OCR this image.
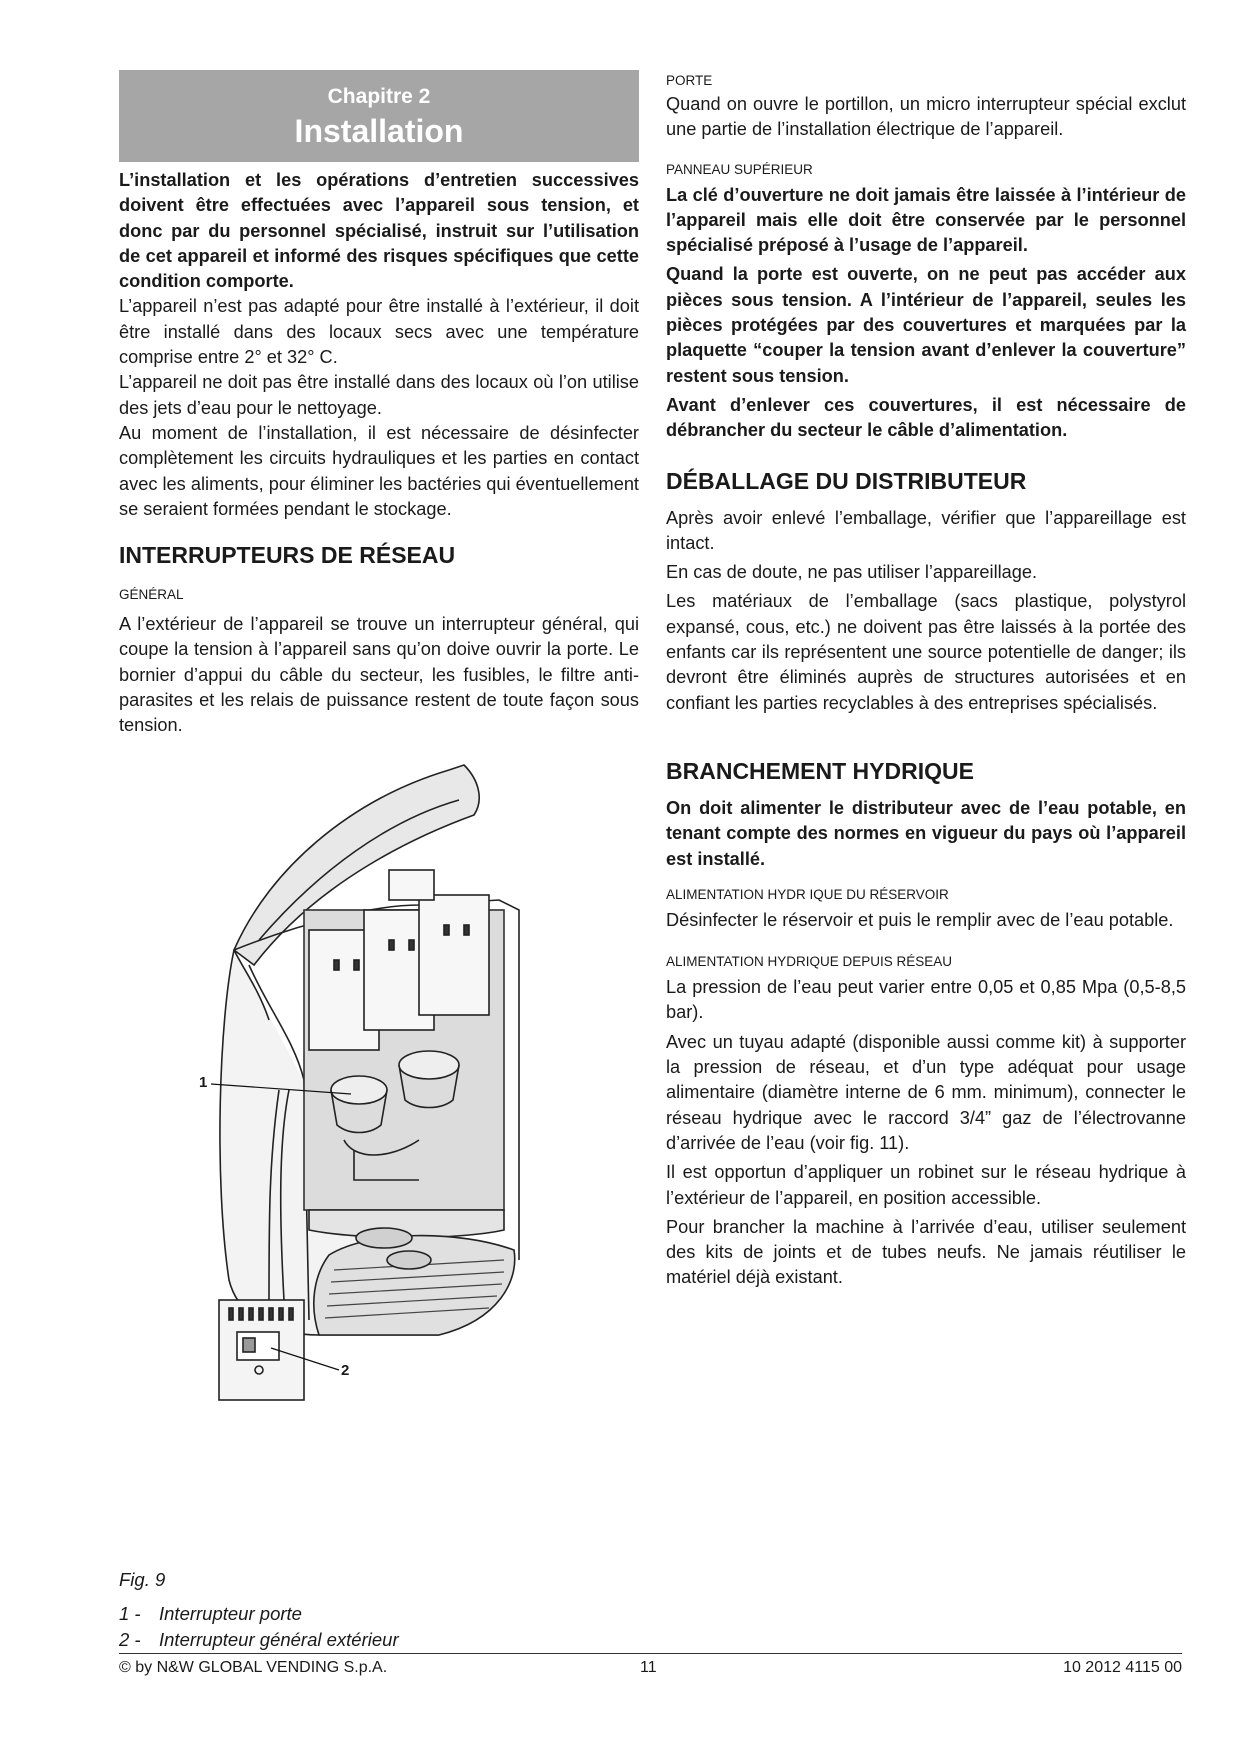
Chapitre 2
Installation

L’installation et les opérations d’entretien successives doivent être effectuées avec l’appareil sous tension, et donc par du personnel spécialisé, instruit sur l’utilisation de cet appareil et informé des risques spécifiques que cette condition comporte.

L’appareil n’est pas adapté pour être installé à l’extérieur, il doit être installé dans des locaux secs avec une température comprise entre 2° et 32° C.

L’appareil ne doit pas être installé dans des locaux où l’on utilise des jets d’eau pour le nettoyage.

Au moment de l’installation, il est nécessaire de désinfecter complètement les circuits hydrauliques et les parties en contact avec les aliments, pour éliminer les bactéries qui éventuellement se seraient formées pendant le stockage.

INTERRUPTEURS DE RÉSEAU
GÉNÉRAL

A l’extérieur de l’appareil se trouve un interrupteur général, qui coupe la tension à l’appareil sans qu’on doive ouvrir la porte. Le bornier d’appui du câble du secteur, les fusibles, le filtre anti-parasites et les relais de puissance restent de toute façon sous tension.

1
2
Fig. 9
1 - Interrupteur porte
2 - Interrupteur général extérieur
PORTE

Quand on ouvre le portillon, un micro interrupteur spécial exclut une partie de l’installation électrique de l’appareil.

PANNEAU SUPÉRIEUR

La clé d’ouverture ne doit jamais être laissée à l’intérieur de l’appareil mais elle doit être conservée par le personnel spécialisé préposé à l’usage de l’appareil.

Quand la porte est ouverte, on ne peut pas accéder aux pièces sous tension. A l’intérieur de l’appareil, seules les pièces protégées par des couvertures et marquées par la plaquette “couper la tension avant d’enlever la couverture” restent sous tension.

Avant d’enlever ces couvertures, il est nécessaire de débrancher du secteur le câble d’alimentation.

DÉBALLAGE DU DISTRIBUTEUR

Après avoir enlevé l’emballage, vérifier que l’appareillage est intact.

En cas de doute, ne pas utiliser l’appareillage.

Les matériaux de l’emballage (sacs plastique, polystyrol expansé, cous, etc.) ne doivent pas être laissés à la portée des enfants car ils représentent une source potentielle de danger; ils devront être éliminés auprès de structures autorisées et en confiant les parties recyclables à des entreprises spécialisés.

BRANCHEMENT HYDRIQUE

On doit alimenter le distributeur avec de l’eau potable, en tenant compte des normes en vigueur du pays où l’appareil est installé.

ALIMENTATION HYDR IQUE DU RÉSERVOIR

Désinfecter le réservoir et puis le remplir avec de l’eau potable.

ALIMENTATION HYDRIQUE DEPUIS RÉSEAU

La pression de l’eau peut varier entre 0,05 et 0,85 Mpa (0,5-8,5 bar).

Avec un tuyau adapté (disponible aussi comme kit) à supporter la pression de réseau, et d’un type adéquat pour usage alimentaire (diamètre interne de 6 mm. minimum), connecter le réseau hydrique avec le raccord 3/4” gaz de l’électrovanne d’arrivée de l’eau (voir fig. 11).

Il est opportun d’appliquer un robinet sur le réseau hydrique à l’extérieur de l’appareil, en position accessible.

Pour brancher la machine à l’arrivée d’eau, utiliser seulement des kits de joints et de tubes neufs. Ne jamais réutiliser le matériel déjà existant.

© by N&W GLOBAL VENDING S.p.A.	11	10 2012 4115 00
